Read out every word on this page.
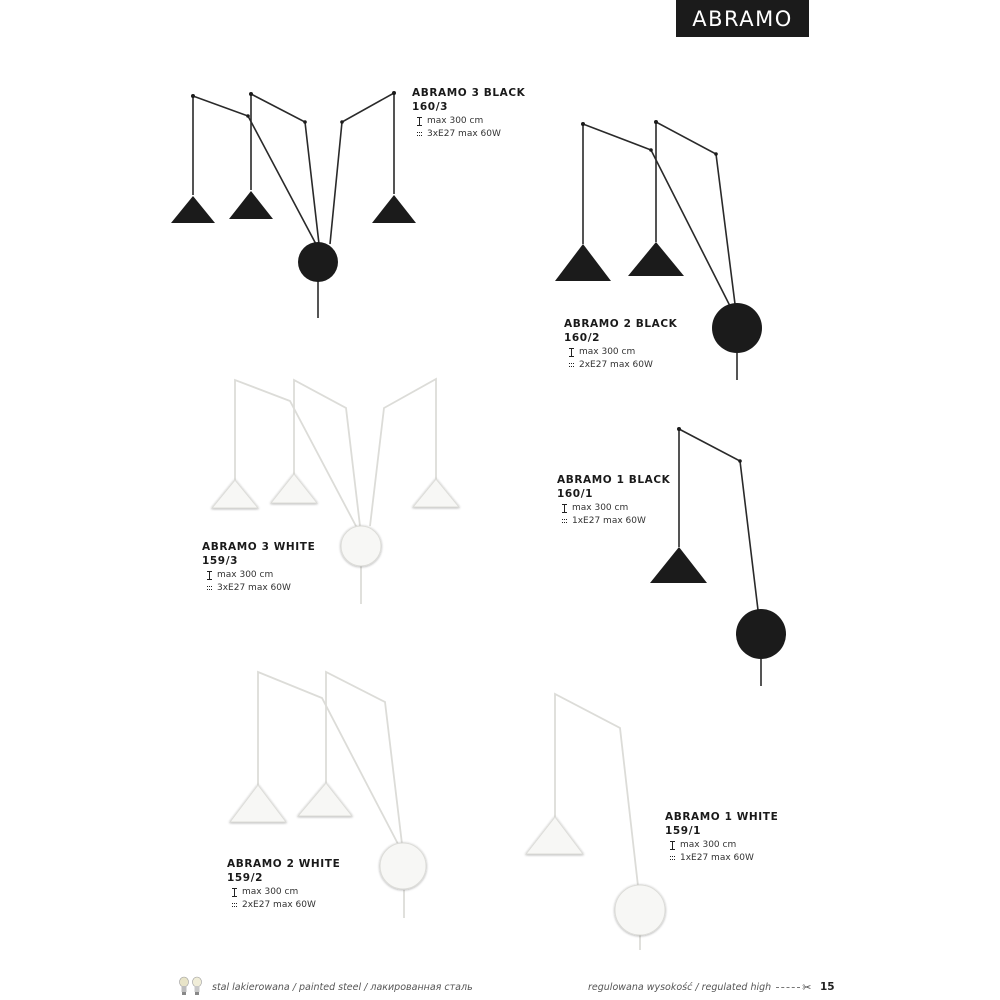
ABRAMO
ABRAMO 3 BLACK
160/3
max 300 cm
3xE27 max 60W
ABRAMO 2 BLACK
160/2
max 300 cm
2xE27 max 60W
ABRAMO 3 WHITE
159/3
max 300 cm
3xE27 max 60W
ABRAMO 1 BLACK
160/1
max 300 cm
1xE27 max 60W
ABRAMO 2 WHITE
159/2
max 300 cm
2xE27 max 60W
ABRAMO 1 WHITE
159/1
max 300 cm
1xE27 max 60W
stal lakierowana / painted steel / лакированная сталь	regulowana wysokość / regulated high	✂ 15
